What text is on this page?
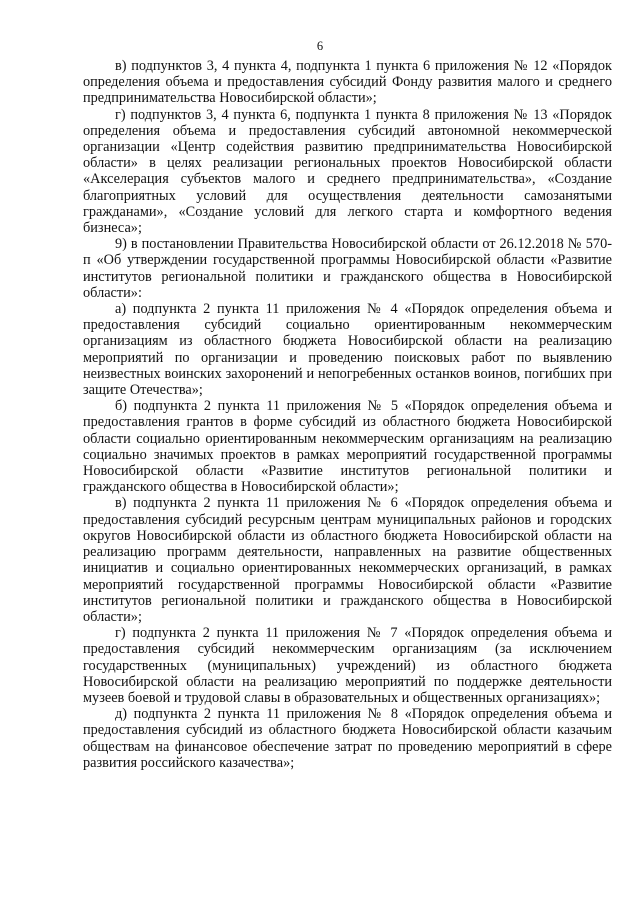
6

в) подпунктов 3, 4 пункта 4, подпункта 1 пункта 6 приложения № 12 «Порядок определения объема и предоставления субсидий Фонду развития малого и среднего предпринимательства Новосибирской области»;

г) подпунктов 3, 4 пункта 6, подпункта 1 пункта 8 приложения № 13 «Порядок определения объема и предоставления субсидий автономной некоммерческой организации «Центр содействия развитию предпринимательства Новосибирской области» в целях реализации региональных проектов Новосибирской области «Акселерация субъектов малого и среднего предпринимательства», «Создание благоприятных условий для осуществления деятельности самозанятыми гражданами», «Создание условий для легкого старта и комфортного ведения бизнеса»;

9) в постановлении Правительства Новосибирской области от 26.12.2018 № 570-п «Об утверждении государственной программы Новосибирской области «Развитие институтов региональной политики и гражданского общества в Новосибирской области»:

а) подпункта 2 пункта 11 приложения № 4 «Порядок определения объема и предоставления субсидий социально ориентированным некоммерческим организациям из областного бюджета Новосибирской области на реализацию мероприятий по организации и проведению поисковых работ по выявлению неизвестных воинских захоронений и непогребенных останков воинов, погибших при защите Отечества»;

б) подпункта 2 пункта 11 приложения № 5 «Порядок определения объема и предоставления грантов в форме субсидий из областного бюджета Новосибирской области социально ориентированным некоммерческим организациям на реализацию социально значимых проектов в рамках мероприятий государственной программы Новосибирской области «Развитие институтов региональной политики и гражданского общества в Новосибирской области»;

в) подпункта 2 пункта 11 приложения № 6 «Порядок определения объема и предоставления субсидий ресурсным центрам муниципальных районов и городских округов Новосибирской области из областного бюджета Новосибирской области на реализацию программ деятельности, направленных на развитие общественных инициатив и социально ориентированных некоммерческих организаций, в рамках мероприятий государственной программы Новосибирской области «Развитие институтов региональной политики и гражданского общества в Новосибирской области»;

г) подпункта 2 пункта 11 приложения № 7 «Порядок определения объема и предоставления субсидий некоммерческим организациям (за исключением государственных (муниципальных) учреждений) из областного бюджета Новосибирской области на реализацию мероприятий по поддержке деятельности музеев боевой и трудовой славы в образовательных и общественных организациях»;

д) подпункта 2 пункта 11 приложения № 8 «Порядок определения объема и предоставления субсидий из областного бюджета Новосибирской области казачьим обществам на финансовое обеспечение затрат по проведению мероприятий в сфере развития российского казачества»;
